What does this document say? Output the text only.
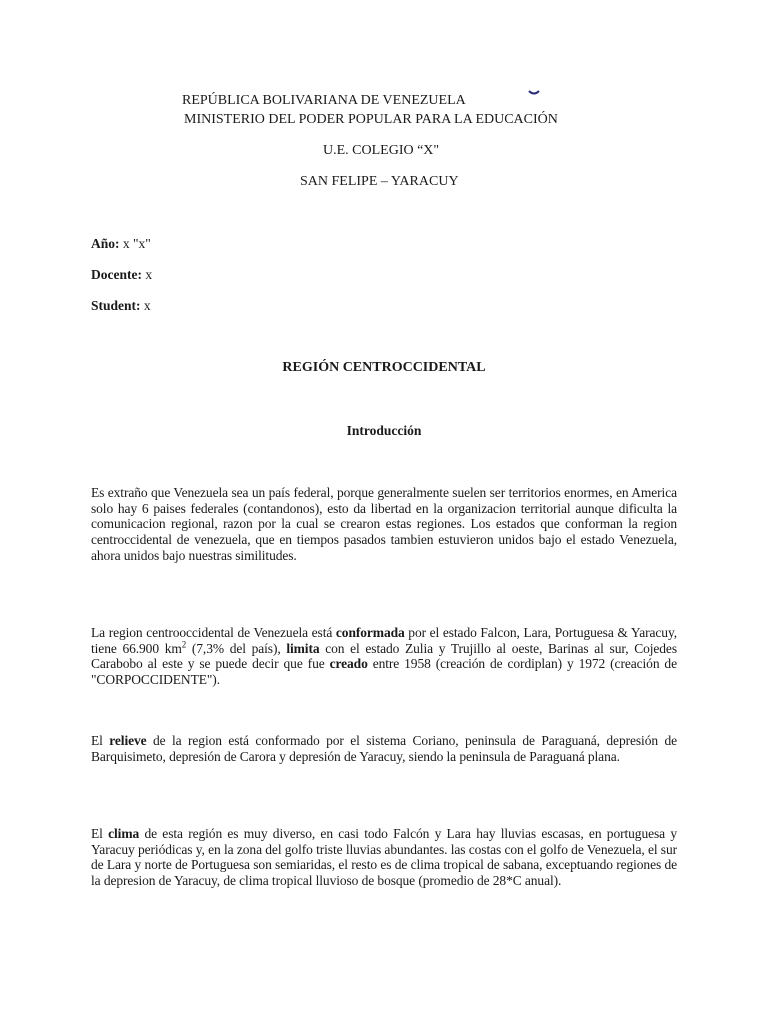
REPÚBLICA BOLIVARIANA DE VENEZUELA
MINISTERIO DEL PODER POPULAR PARA LA EDUCACIÓN
U.E. COLEGIO “X"
SAN FELIPE – YARACUY
Año: x "x"
Docente: x
Student: x
REGIÓN CENTROCCIDENTAL
Introducción
Es extraño que Venezuela sea un país federal, porque generalmente suelen ser territorios enormes, en America solo hay 6 paises federales (contandonos), esto da libertad en la organizacion territorial aunque dificulta la comunicacion regional, razon por la cual se crearon estas regiones. Los estados que conforman la region centroccidental de venezuela, que en tiempos pasados tambien estuvieron unidos bajo el estado Venezuela, ahora unidos bajo nuestras similitudes.
La region centrooccidental de Venezuela está conformada por el estado Falcon, Lara, Portuguesa & Yaracuy, tiene 66.900 $km^2$ (7,3% del país), limita con el estado Zulia y Trujillo al oeste, Barinas al sur, Cojedes Carabobo al este y se puede decir que fue creado entre 1958 (creación de cordiplan) y 1972 (creación de "CORPOCCIDENTE").
El relieve de la region está conformado por el sistema Coriano, peninsula de Paraguaná, depresión de Barquisimeto, depresión de Carora y depresión de Yaracuy, siendo la peninsula de Paraguaná plana.
El clima de esta región es muy diverso, en casi todo Falcón y Lara hay lluvias escasas, en portuguesa y Yaracuy periódicas y, en la zona del golfo triste lluvias abundantes. las costas con el golfo de Venezuela, el sur de Lara y norte de Portuguesa son semiaridas, el resto es de clima tropical de sabana, exceptuando regiones de la depresion de Yaracuy, de clima tropical lluvioso de bosque (promedio de 28*C anual).
